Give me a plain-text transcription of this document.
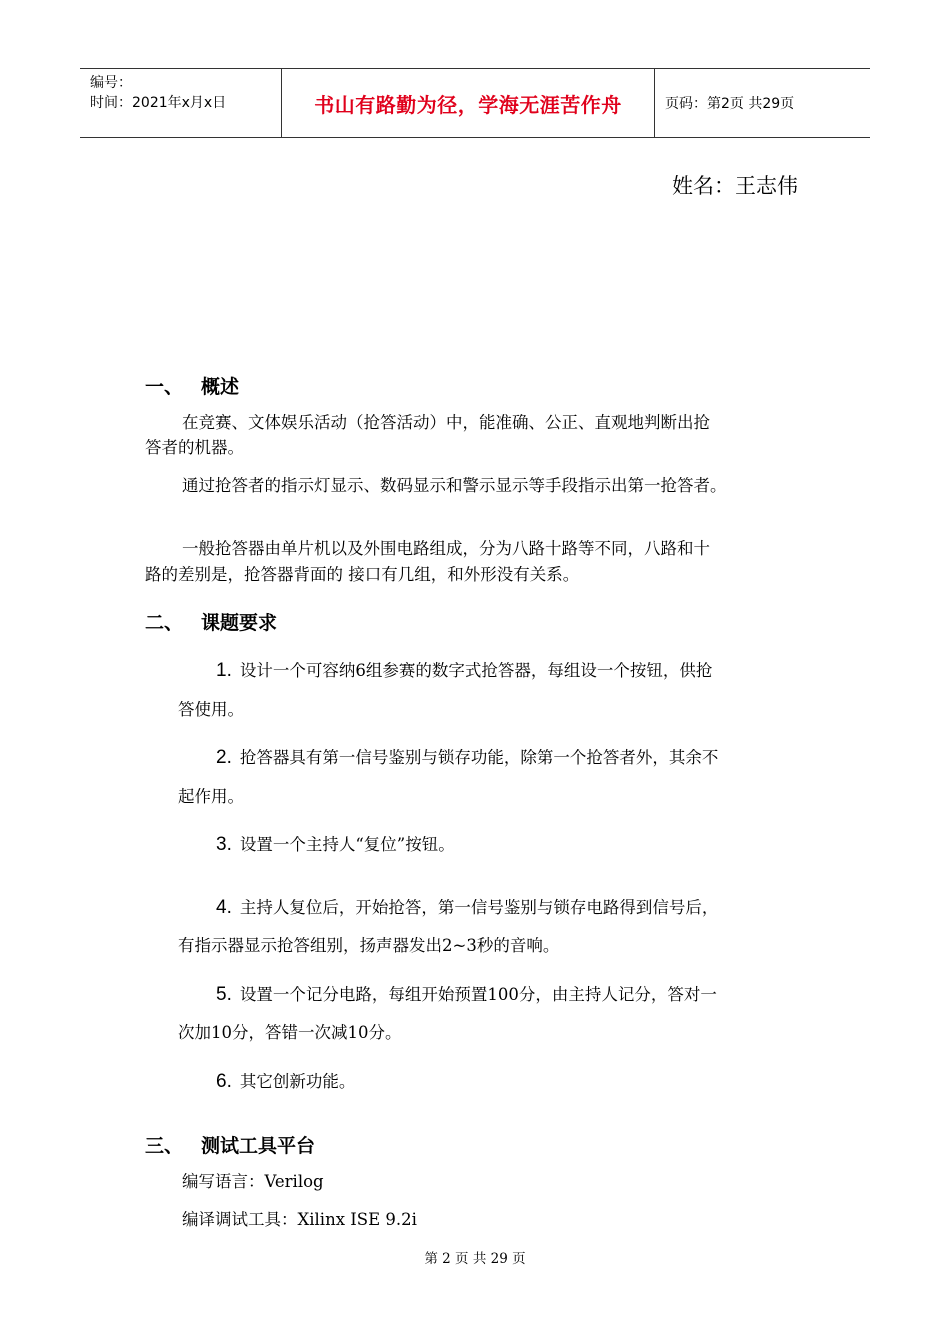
编号：
时间：2021年x月x日	书山有路勤为径，学海无涯苦作舟	页码：第2页 共29页
姓名：王志伟
一、 概述
在竞赛、文体娱乐活动（抢答活动）中，能准确、公正、直观地判断出抢
答者的机器。
通过抢答者的指示灯显示、数码显示和警示显示等手段指示出第一抢答者。
一般抢答器由单片机以及外围电路组成，分为八路十路等不同，八路和十
路的差别是，抢答器背面的 接口有几组，和外形没有关系。
二、 课题要求
1. 设计一个可容纳6组参赛的数字式抢答器，每组设一个按钮，供抢
答使用。
2. 抢答器具有第一信号鉴别与锁存功能，除第一个抢答者外，其余不
起作用。
3. 设置一个主持人“复位”按钮。
4. 主持人复位后，开始抢答，第一信号鉴别与锁存电路得到信号后，
有指示器显示抢答组别，扬声器发出2~3秒的音响。
5. 设置一个记分电路，每组开始预置100分，由主持人记分，答对一
次加10分，答错一次减10分。
6. 其它创新功能。
三、 测试工具平台
编写语言：Verilog
编译调试工具：Xilinx ISE 9.2i
第 2 页 共 29 页
